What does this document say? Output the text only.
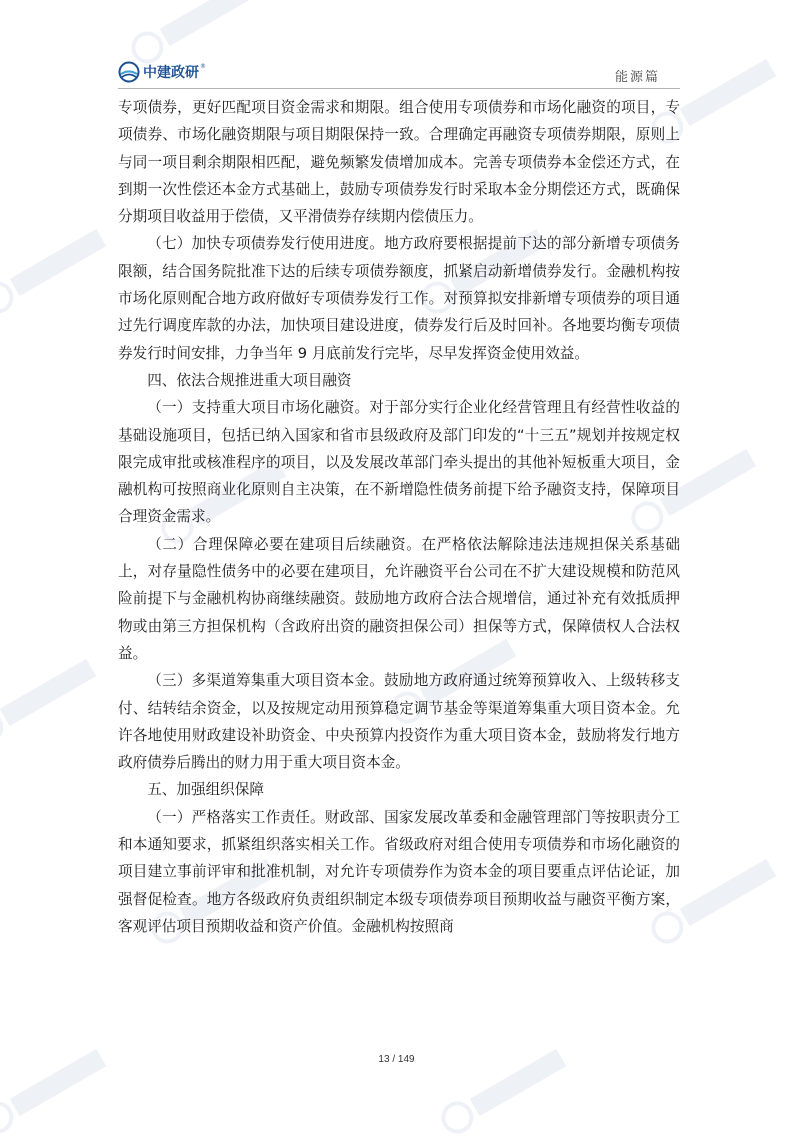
中建政研 ®
能源篇

专项债券，更好匹配项目资金需求和期限。组合使用专项债券和市场化融资的项目，专项债券、市场化融资期限与项目期限保持一致。合理确定再融资专项债券期限，原则上与同一项目剩余期限相匹配，避免频繁发债增加成本。完善专项债券本金偿还方式，在到期一次性偿还本金方式基础上，鼓励专项债券发行时采取本金分期偿还方式，既确保分期项目收益用于偿债，又平滑债券存续期内偿债压力。

（七）加快专项债券发行使用进度。地方政府要根据提前下达的部分新增专项债务限额，结合国务院批准下达的后续专项债券额度，抓紧启动新增债券发行。金融机构按市场化原则配合地方政府做好专项债券发行工作。对预算拟安排新增专项债券的项目通过先行调度库款的办法，加快项目建设进度，债券发行后及时回补。各地要均衡专项债券发行时间安排，力争当年 9 月底前发行完毕，尽早发挥资金使用效益。

四、依法合规推进重大项目融资

（一）支持重大项目市场化融资。对于部分实行企业化经营管理且有经营性收益的基础设施项目，包括已纳入国家和省市县级政府及部门印发的“十三五”规划并按规定权限完成审批或核准程序的项目，以及发展改革部门牵头提出的其他补短板重大项目，金融机构可按照商业化原则自主决策，在不新增隐性债务前提下给予融资支持，保障项目合理资金需求。

（二）合理保障必要在建项目后续融资。在严格依法解除违法违规担保关系基础上，对存量隐性债务中的必要在建项目，允许融资平台公司在不扩大建设规模和防范风险前提下与金融机构协商继续融资。鼓励地方政府合法合规增信，通过补充有效抵质押物或由第三方担保机构（含政府出资的融资担保公司）担保等方式，保障债权人合法权益。

（三）多渠道筹集重大项目资本金。鼓励地方政府通过统筹预算收入、上级转移支付、结转结余资金，以及按规定动用预算稳定调节基金等渠道筹集重大项目资本金。允许各地使用财政建设补助资金、中央预算内投资作为重大项目资本金，鼓励将发行地方政府债券后腾出的财力用于重大项目资本金。

五、加强组织保障

（一）严格落实工作责任。财政部、国家发展改革委和金融管理部门等按职责分工和本通知要求，抓紧组织落实相关工作。省级政府对组合使用专项债券和市场化融资的项目建立事前评审和批准机制，对允许专项债券作为资本金的项目要重点评估论证，加强督促检查。地方各级政府负责组织制定本级专项债券项目预期收益与融资平衡方案，客观评估项目预期收益和资产价值。金融机构按照商

13 / 149
